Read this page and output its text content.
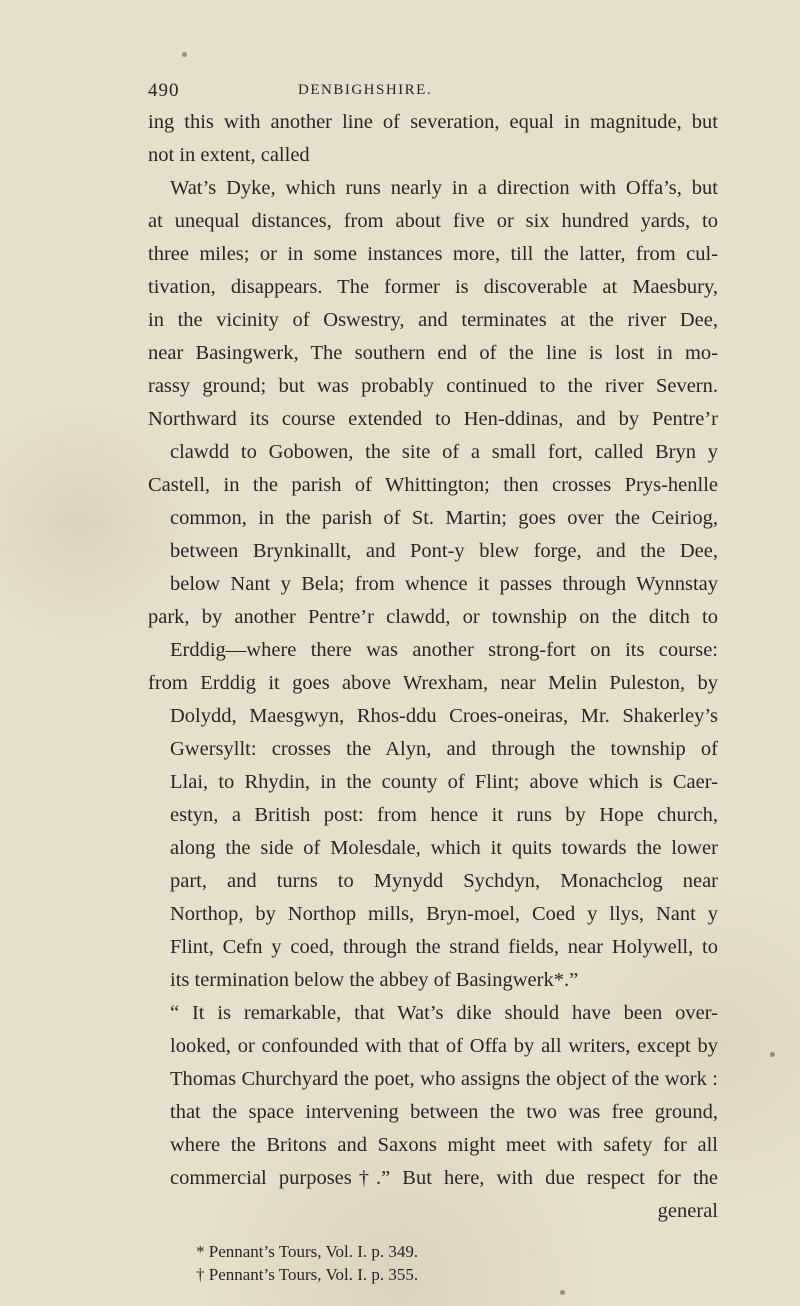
490	DENBIGHSHIRE.
ing this with another line of severation, equal in magnitude, but
not in extent, called
Wat’s Dyke, which runs nearly in a direction with Offa’s, but
at unequal distances, from about five or six hundred yards, to
three miles; or in some instances more, till the latter, from cul-
tivation, disappears. The former is discoverable at Maesbury,
in the vicinity of Oswestry, and terminates at the river Dee,
near Basingwerk, The southern end of the line is lost in mo-
rassy ground; but was probably continued to the river Severn.
Northward its course extended to Hen-ddinas, and by Pentre’r
clawdd to Gobowen, the site of a small fort, called Bryn y
Castell, in the parish of Whittington; then crosses Prys-henlle
common, in the parish of St. Martin; goes over the Ceiriog,
between Brynkinallt, and Pont-y blew forge, and the Dee,
below Nant y Bela; from whence it passes through Wynnstay
park, by another Pentre’r clawdd, or township on the ditch to
Erddig—where there was another strong-fort on its course:
from Erddig it goes above Wrexham, near Melin Puleston, by
Dolydd, Maesgwyn, Rhos-ddu Croes-oneiras, Mr. Shakerley’s
Gwersyllt: crosses the Alyn, and through the township of
Llai, to Rhydin, in the county of Flint; above which is Caer-
estyn, a British post: from hence it runs by Hope church,
along the side of Molesdale, which it quits towards the lower
part, and turns to Mynydd Sychdyn, Monachclog near
Northop, by Northop mills, Bryn-moel, Coed y llys, Nant y
Flint, Cefn y coed, through the strand fields, near Holywell, to
its termination below the abbey of Basingwerk*.”
“ It is remarkable, that Wat’s dike should have been over-
looked, or confounded with that of Offa by all writers, except by
Thomas Churchyard the poet, who assigns the object of the work :
that the space intervening between the two was free ground,
where the Britons and Saxons might meet with safety for all
commercial purposes†.” But here, with due respect for the
general
* Pennant’s Tours, Vol. I. p. 349.
† Pennant’s Tours, Vol. I. p. 355.
